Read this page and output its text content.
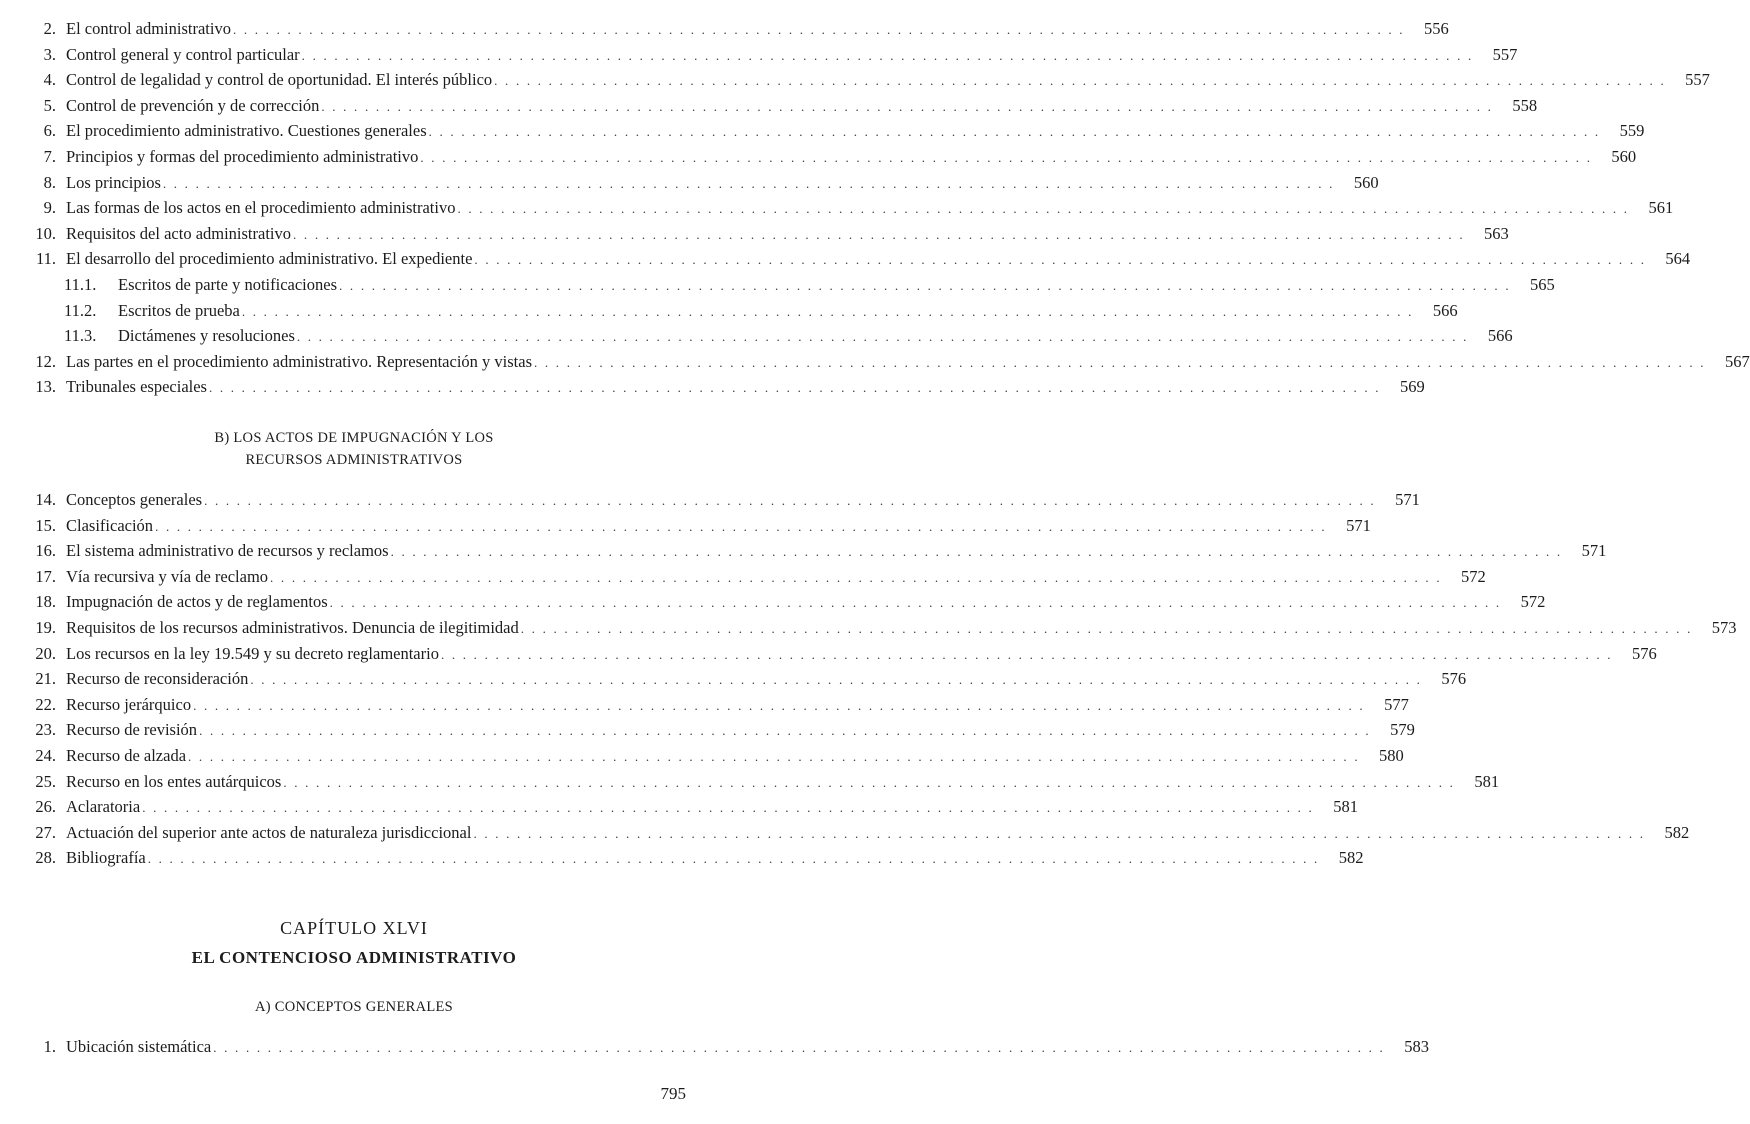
2. El control administrativo . . .	556
3. Control general y control particular . . .	557
4. Control de legalidad y control de oportunidad. El interés público . . .	557
5. Control de prevención y de corrección . . .	558
6. El procedimiento administrativo. Cuestiones generales . . .	559
7. Principios y formas del procedimiento administrativo . . .	560
8. Los principios . . .	560
9. Las formas de los actos en el procedimiento administrativo . . .	561
10. Requisitos del acto administrativo . . .	563
11. El desarrollo del procedimiento administrativo. El expediente . . .	564
11.1.	Escritos de parte y notificaciones . . .	565
11.2.	Escritos de prueba . . .	566
11.3.	Dictámenes y resoluciones . . .	566
12. Las partes en el procedimiento administrativo. Representación y vistas . . .	567
13. Tribunales especiales . . .	569
B) LOS ACTOS DE IMPUGNACIÓN Y LOS
RECURSOS ADMINISTRATIVOS
14. Conceptos generales . . .	571
15. Clasificación . . .	571
16. El sistema administrativo de recursos y reclamos . . .	571
17. Vía recursiva y vía de reclamo . . .	572
18. Impugnación de actos y de reglamentos . . .	572
19. Requisitos de los recursos administrativos. Denuncia de ilegitimidad . . .	573
20. Los recursos en la ley 19.549 y su decreto reglamentario . . .	576
21. Recurso de reconsideración . . .	576
22. Recurso jerárquico . . .	577
23. Recurso de revisión . . .	579
24. Recurso de alzada . . .	580
25. Recurso en los entes autárquicos . . .	581
26. Aclaratoria . . .	581
27. Actuación del superior ante actos de naturaleza jurisdiccional . . .	582
28. Bibliografía . . .	582
CAPÍTULO XLVI
EL CONTENCIOSO ADMINISTRATIVO
A) CONCEPTOS GENERALES
1. Ubicación sistemática . . .	583
795
